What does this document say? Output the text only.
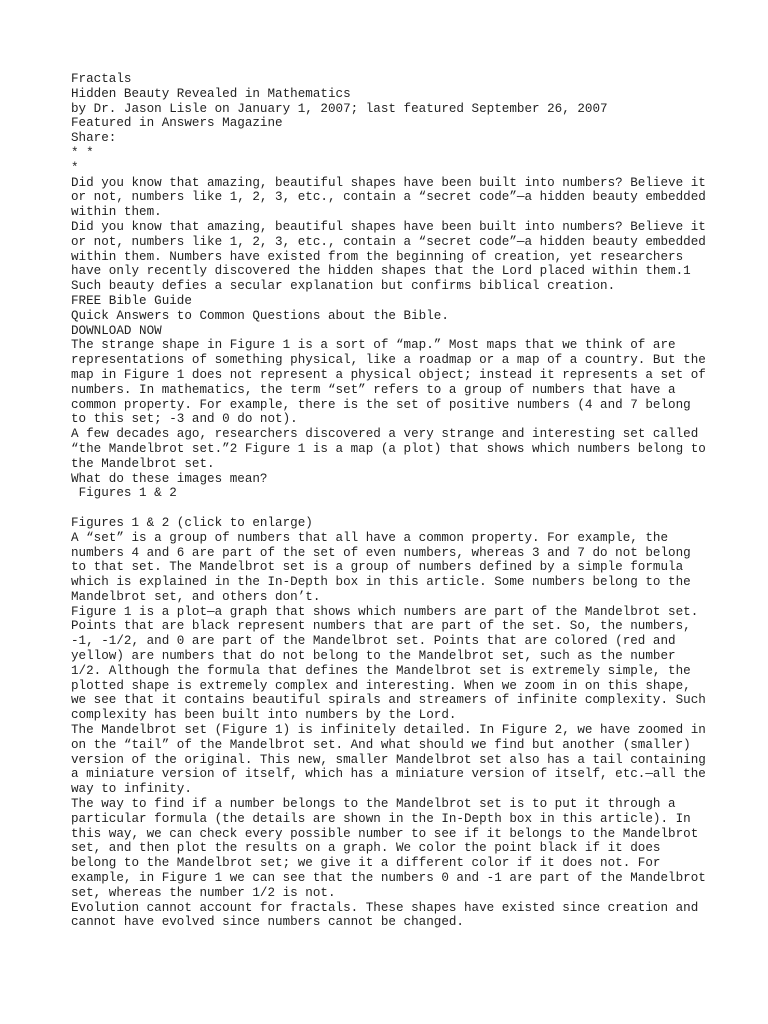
Fractals
Hidden Beauty Revealed in Mathematics
by Dr. Jason Lisle on January 1, 2007; last featured September 26, 2007
Featured in Answers Magazine
Share:
* *
*
Did you know that amazing, beautiful shapes have been built into numbers? Believe it or not, numbers like 1, 2, 3, etc., contain a “secret code”—a hidden beauty embedded within them.
Did you know that amazing, beautiful shapes have been built into numbers? Believe it or not, numbers like 1, 2, 3, etc., contain a “secret code”—a hidden beauty embedded within them. Numbers have existed from the beginning of creation, yet researchers have only recently discovered the hidden shapes that the Lord placed within them.1 Such beauty defies a secular explanation but confirms biblical creation.
FREE Bible Guide
Quick Answers to Common Questions about the Bible.
DOWNLOAD NOW
The strange shape in Figure 1 is a sort of “map.” Most maps that we think of are representations of something physical, like a roadmap or a map of a country. But the map in Figure 1 does not represent a physical object; instead it represents a set of numbers. In mathematics, the term “set” refers to a group of numbers that have a common property. For example, there is the set of positive numbers (4 and 7 belong to this set; -3 and 0 do not).
A few decades ago, researchers discovered a very strange and interesting set called “the Mandelbrot set.”2 Figure 1 is a map (a plot) that shows which numbers belong to the Mandelbrot set.
What do these images mean?
Figures 1 & 2
Figures 1 & 2 (click to enlarge)
A “set” is a group of numbers that all have a common property. For example, the numbers 4 and 6 are part of the set of even numbers, whereas 3 and 7 do not belong to that set. The Mandelbrot set is a group of numbers defined by a simple formula which is explained in the In-Depth box in this article. Some numbers belong to the Mandelbrot set, and others don’t.
Figure 1 is a plot—a graph that shows which numbers are part of the Mandelbrot set. Points that are black represent numbers that are part of the set. So, the numbers, -1, -1/2, and 0 are part of the Mandelbrot set. Points that are colored (red and yellow) are numbers that do not belong to the Mandelbrot set, such as the number 1/2. Although the formula that defines the Mandelbrot set is extremely simple, the plotted shape is extremely complex and interesting. When we zoom in on this shape, we see that it contains beautiful spirals and streamers of infinite complexity. Such complexity has been built into numbers by the Lord.
The Mandelbrot set (Figure 1) is infinitely detailed. In Figure 2, we have zoomed in on the “tail” of the Mandelbrot set. And what should we find but another (smaller) version of the original. This new, smaller Mandelbrot set also has a tail containing a miniature version of itself, which has a miniature version of itself, etc.—all the way to infinity.
The way to find if a number belongs to the Mandelbrot set is to put it through a particular formula (the details are shown in the In-Depth box in this article). In this way, we can check every possible number to see if it belongs to the Mandelbrot set, and then plot the results on a graph. We color the point black if it does belong to the Mandelbrot set; we give it a different color if it does not. For example, in Figure 1 we can see that the numbers 0 and -1 are part of the Mandelbrot set, whereas the number 1/2 is not.
Evolution cannot account for fractals. These shapes have existed since creation and cannot have evolved since numbers cannot be changed.
